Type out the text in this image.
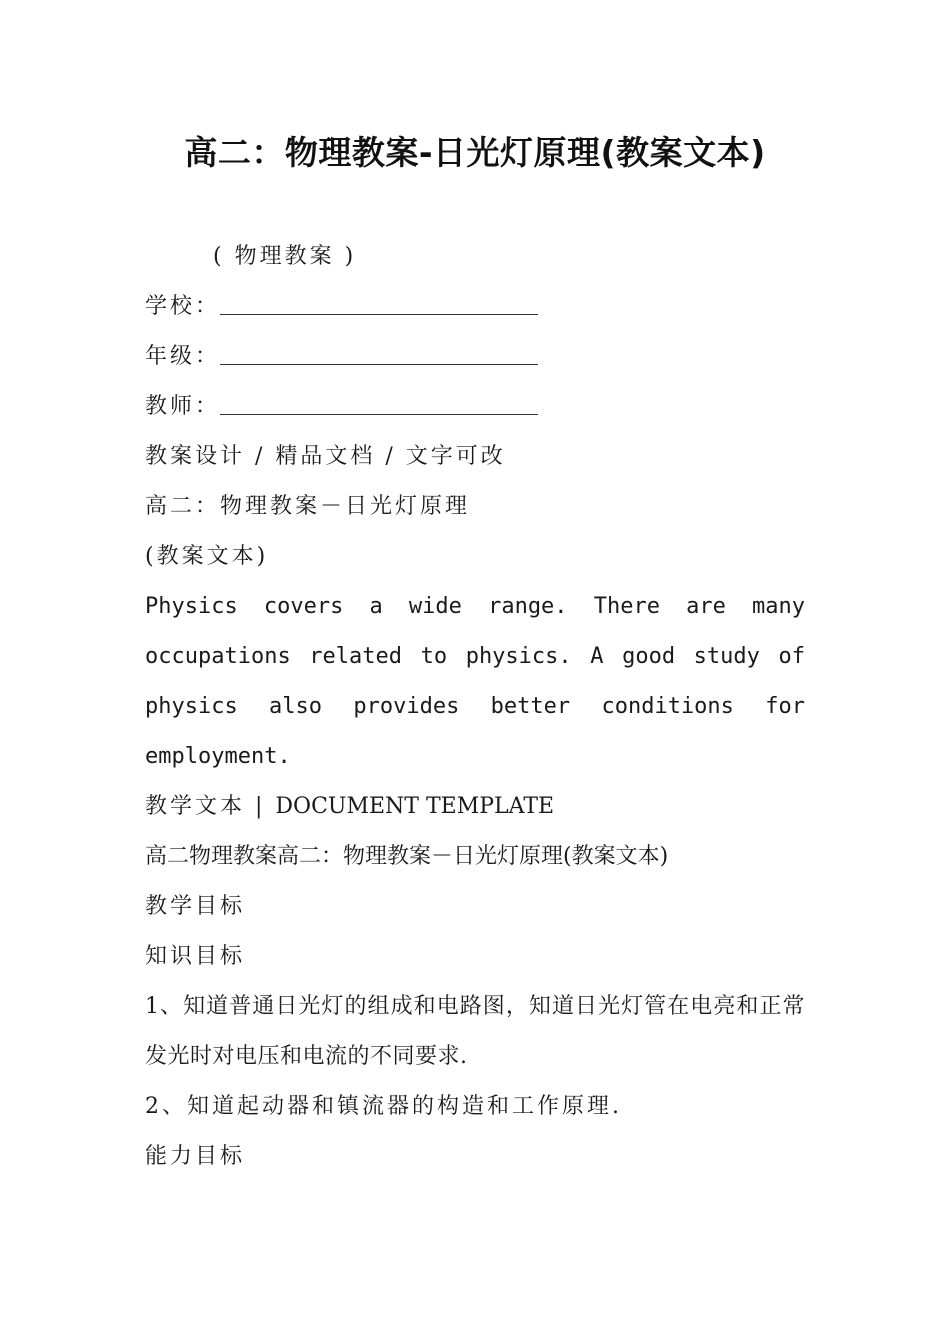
高二：物理教案-日光灯原理(教案文本)
( 物理教案 )
学校：
年级：
教师：
教案设计 / 精品文档 / 文字可改
高二：物理教案－日光灯原理
(教案文本)
Physics covers a wide range. There are many occupations related to physics. A good study of physics also provides better conditions for employment.
教学文本 | DOCUMENT TEMPLATE
高二物理教案高二：物理教案－日光灯原理(教案文本)
教学目标
知识目标
1、知道普通日光灯的组成和电路图，知道日光灯管在电亮和正常发光时对电压和电流的不同要求.
2、知道起动器和镇流器的构造和工作原理.
能力目标
